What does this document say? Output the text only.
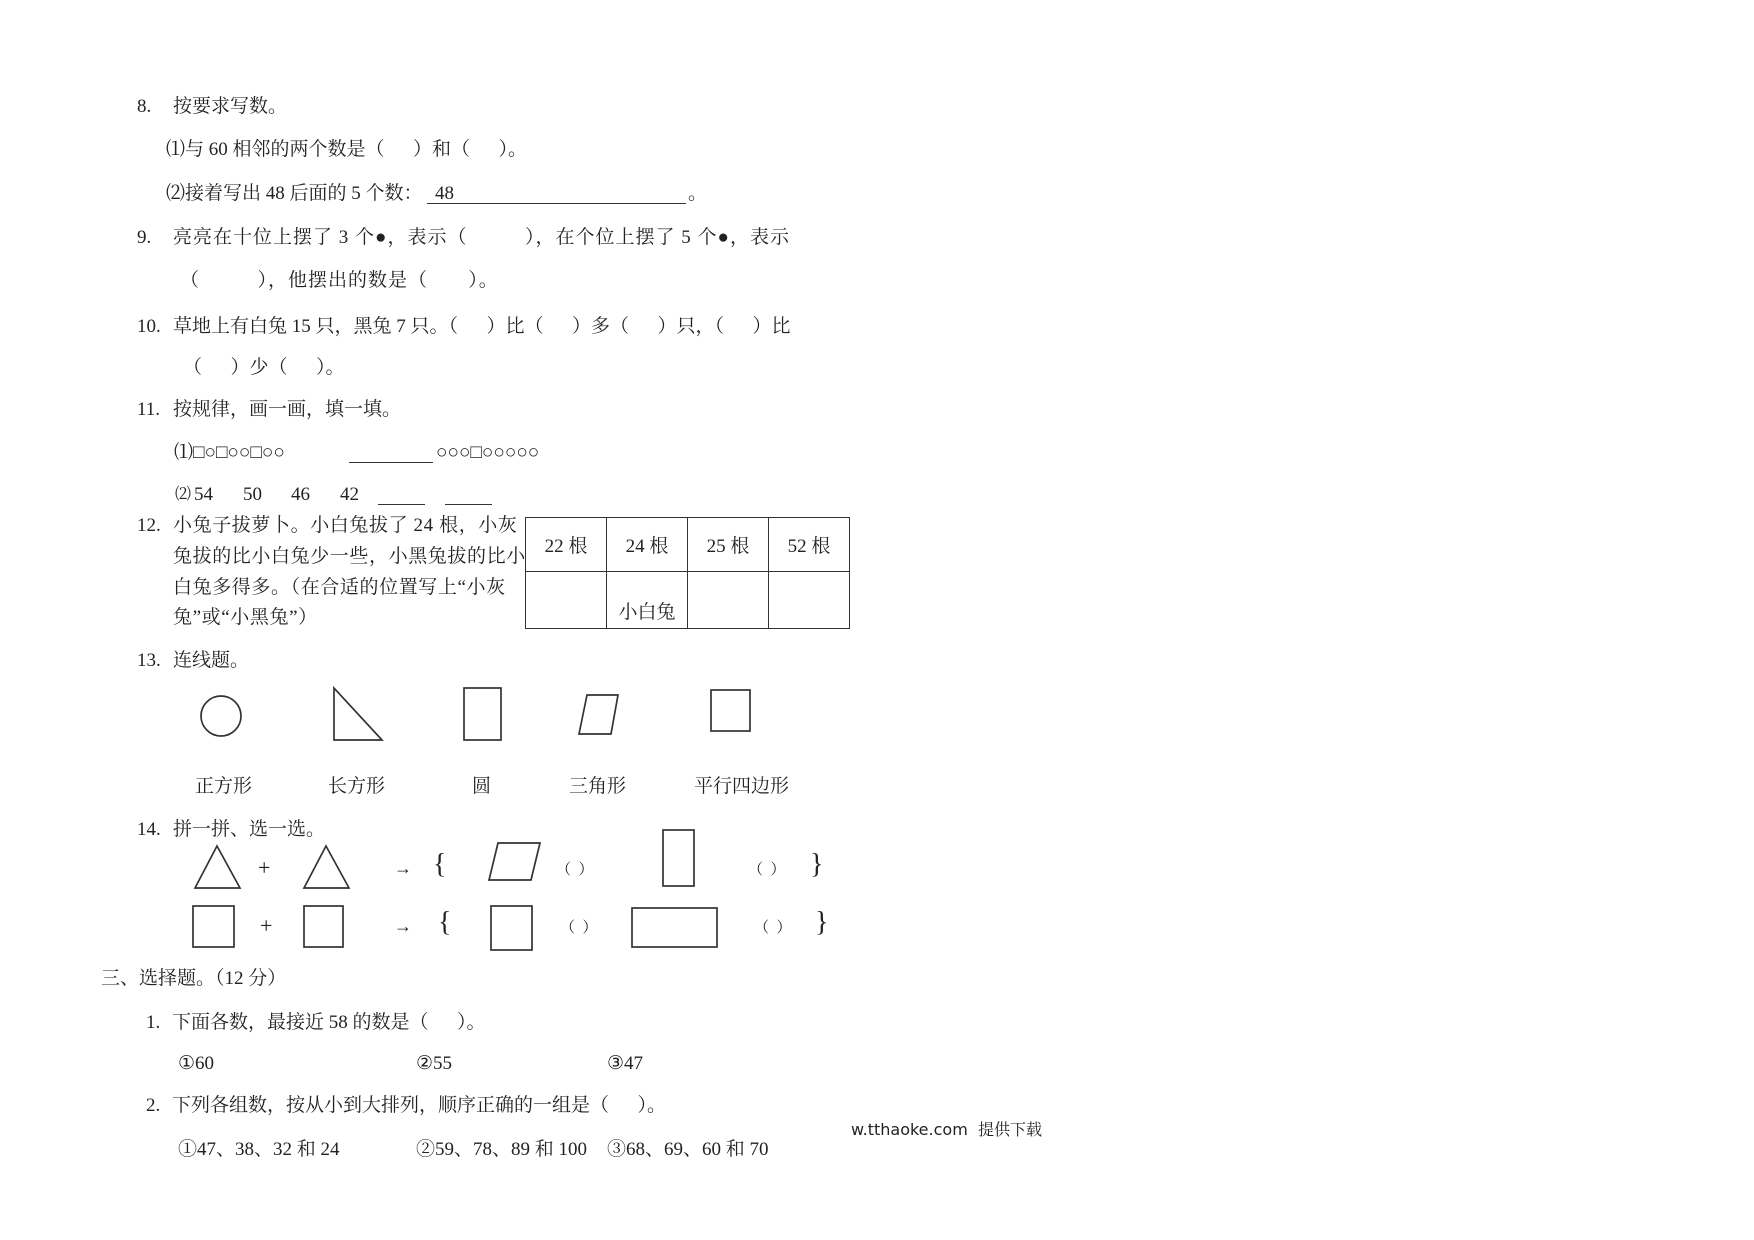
8. 按要求写数。
⑴与 60 相邻的两个数是（      ）和（      ）。
⑵接着写出 48 后面的 5 个数： 48	。
9. 亮亮在十位上摆了 3 个●，表示（          ），在个位上摆了 5 个●，表示
（          ），他摆出的数是（       ）。
10. 草地上有白兔 15 只，黑兔 7 只。（      ）比（      ）多（      ）只，（      ）比
（      ）少（      ）。
11. 按规律，画一画，填一填。
⑴□○□○○□○○	○○○□○○○○○
⑵ 54 50 46 42
12. 小兔子拔萝卜。小白兔拔了 24 根，小灰
兔拔的比小白兔少一些，小黑兔拔的比小
白兔多得多。（在合适的位置写上“小灰
兔”或“小黑兔”）
22 根	24 根	25 根	52 根
	小白兔		
13. 连线题。
正方形	长方形	圆	三角形	平行四边形
14. 拼一拼、选一选。
+	→ {	（  ）	（  ） }
+	→ {	（  ）	（  ） }
三、选择题。（12 分）
1. 下面各数，最接近 58 的数是（      ）。
①60	②55	③47
2. 下列各组数，按从小到大排列，顺序正确的一组是（      ）。
①47、38、32 和 24	②59、78、89 和 100 ③68、69、60 和 70
w.tthaoke.com  提供下载
